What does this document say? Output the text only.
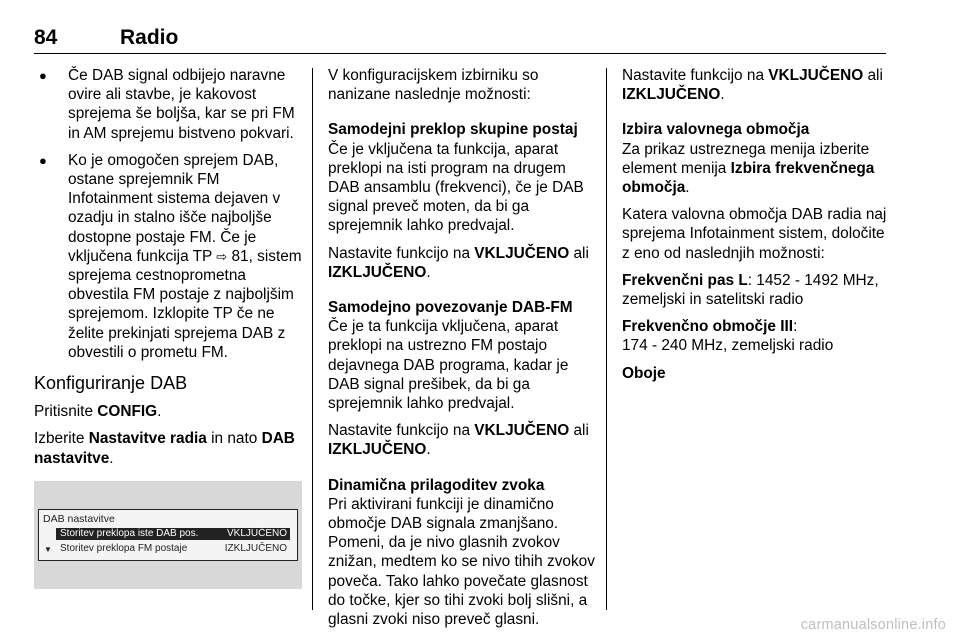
84	Radio
● Če DAB signal odbijejo naravne ovire ali stavbe, je kakovost sprejema še boljša, kar se pri FM in AM sprejemu bistveno pokvari.
● Ko je omogočen sprejem DAB, ostane sprejemnik FM Infotainment sistema dejaven v ozadju in stalno išče najboljše dostopne postaje FM. Če je vključena funkcija TP ⇨ 81, sistem sprejema cestnoprometna obvestila FM postaje z najboljšim sprejemom. Izklopite TP če ne želite prekinjati sprejema DAB z obvestili o prometu FM.
Konfiguriranje DAB

Pritisnite CONFIG.

Izberite Nastavitve radia in nato DAB nastavitve.

DAB nastavitve
Storitev preklopa iste DAB pos.	VKLJUČENO
▼ Storitev preklopa FM postaje	IZKLJUČENO

V konfiguracijskem izbirniku so nanizane naslednje možnosti:

Samodejni preklop skupine postaj

Če je vključena ta funkcija, aparat preklopi na isti program na drugem DAB ansamblu (frekvenci), če je DAB signal preveč moten, da bi ga sprejemnik lahko predvajal.

Nastavite funkcijo na VKLJUČENO ali IZKLJUČENO.

Samodejno povezovanje DAB-FM

Če je ta funkcija vključena, aparat preklopi na ustrezno FM postajo dejavnega DAB programa, kadar je DAB signal prešibek, da bi ga sprejemnik lahko predvajal.

Nastavite funkcijo na VKLJUČENO ali IZKLJUČENO.

Dinamična prilagoditev zvoka

Pri aktivirani funkciji je dinamično območje DAB signala zmanjšano. Pomeni, da je nivo glasnih zvokov znižan, medtem ko se nivo tihih zvokov poveča. Tako lahko povečate glasnost do točke, kjer so tihi zvoki bolj slišni, a glasni zvoki niso preveč glasni.

Nastavite funkcijo na VKLJUČENO ali IZKLJUČENO.

Izbira valovnega območja

Za prikaz ustreznega menija izberite element menija Izbira frekvenčnega območja.

Katera valovna območja DAB radia naj sprejema Infotainment sistem, določite z eno od naslednjih možnosti:

Frekvenčni pas L: 1452 - 1492 MHz, zemeljski in satelitski radio

Frekvenčno območje III:
174 - 240 MHz, zemeljski radio

Oboje

carmanualsonline.info
